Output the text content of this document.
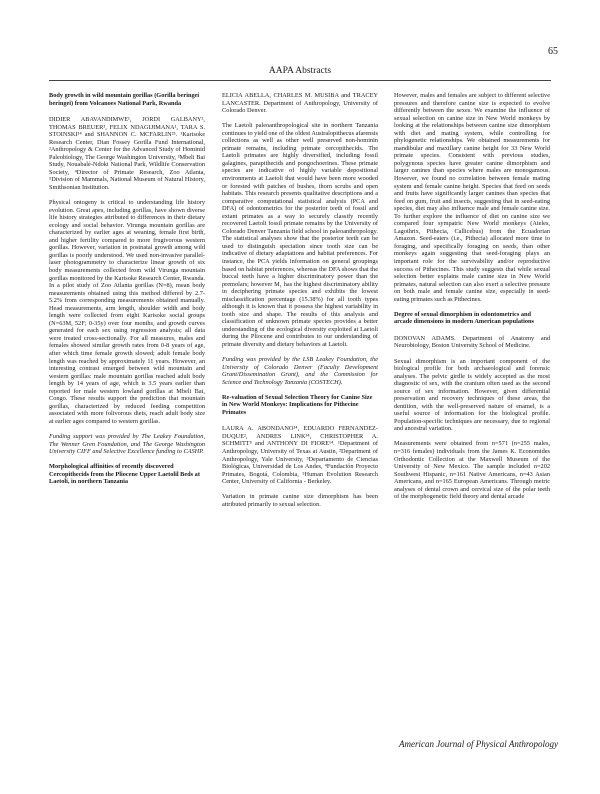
65
AAPA Abstracts

Body growth in wild mountain gorillas (Gorilla beringei beringei) from Volcanoes National Park, Rwanda

DIDIER ABAVANDIMWE¹, JORDI GALBANY², THOMAS BREUER³, FELIX NDAGIJIMANA¹, TARA S. STOINSKI¹⁴ and SHANNON C. MCFARLIN²⁵. ¹Karisoke Research Center, Dian Fossey Gorilla Fund International, ²Anthropology & Center for the Advanced Study of Hominid Paleobiology, The George Washington University, ³Mbeli Bai Study, Nouabalé-Ndoki National Park, Wildlife Conservation Society, ⁴Director of Primate Research, Zoo Atlanta, ⁵Division of Mammals, National Museum of Natural History, Smithsonian Institution.

Physical ontogeny is critical to understanding life history evolution. Great apes, including gorillas, have shown diverse life history strategies attributed to differences in their dietary ecology and social behavior. Virunga mountain gorillas are characterized by earlier ages at weaning, female first birth, and higher fertility compared to more frugivorous western gorillas. However, variation in postnatal growth among wild gorillas is poorly understood. We used non-invasive parallel-laser photogrammetry to characterize linear growth of six body measurements collected from wild Virunga mountain gorillas monitored by the Karisoke Research Center, Rwanda. In a pilot study of Zoo Atlanta gorillas (N=8), mean body measurements obtained using this method differed by 2.7-5.2% from corresponding measurements obtained manually. Head measurements, arm length, shoulder width and body length were collected from eight Karisoke social groups (N=63M, 52F; 0-35y) over four months, and growth curves generated for each sex using regression analysis; all data were treated cross-sectionally. For all measures, males and females showed similar growth rates from 0-8 years of age, after which time female growth slowed; adult female body length was reached by approximately 11 years. However, an interesting contrast emerged between wild mountain and western gorillas: male mountain gorillas reached adult body length by 14 years of age, which is 3.5 years earlier than reported for male western lowland gorillas at Mbeli Bai, Congo. These results support the prediction that mountain gorillas, characterized by reduced feeding competition associated with more folivorous diets, reach adult body size at earlier ages compared to western gorillas.

Funding support was provided by The Leakey Foundation, The Wenner Gren Foundation, and The George Washington University CIFF and Selective Excellence funding to CASHP.

Morphological affinities of recently discovered Cercopithecids from the Pliocene Upper Laetolil Beds at Laetoli, in northern Tanzania

ELICIA ABELLA, CHARLES M. MUSIBA and TRACEY LANCASTER. Department of Anthropology, University of Colorado Denver.

The Laetoli paleoanthropological site in northern Tanzania continues to yield one of the oldest Australopithecus afarensis collections as well as other well preserved non-hominin primate remains, including primate cercopithecids. The Laetoli primates are highly diversified, including fossil galagines, parapithecids and pongochoerines. These primate species are indicative of highly variable depositional environments at Laetoli that would have been more wooded or forested with patches of bushes, thorn scrubs and open habitats. This research presents qualitative descriptions and a comparative computational statistical analysis (PCA and DFA) of odontometrics for the posterior teeth of fossil and extant primates as a way to securely classify recently recovered Laetoli fossil primate remains by the University of Colorado Denver Tanzania field school in paleoanthropology. The statistical analyses show that the posterior teeth can be used to distinguish speciation since tooth size can be indicative of dietary adaptations and habitat preferences. For instance, the PCA yields information on general groupings based on habitat preferences, whereas the DFA shows that the buccal teeth have a higher discriminatory power than the premolars; however M₁ has the highest discriminatory ability in deciphering primate species and exhibits the lowest misclassification percentage (15.38%) for all tooth types although it is known that it possess the highest variability in tooth size and shape. The results of this analysis and classification of unknown primate species provides a better understanding of the ecological diversity exploited at Laetoli during the Pliocene and contributes to our understanding of primate diversity and dietary behaviors at Laetoli.

Funding was provided by the LSB Leakey Foundation, the University of Colorado Denver (Faculty Development Grant/Dissemination Grant), and the Commission for Science and Technology Tanzania (COSTECH).

Re-valuation of Sexual Selection Theory for Canine Size in New World Monkeys: Implications for Pithecine Primates

LAURA A. ABONDANO¹⁴, EDUARDO FERNANDEZ-DUQUE², ANDRES LINK³⁴, CHRISTOPHER A. SCHMITT⁵ and ANTHONY DI FIORE¹⁴. ¹Department of Anthropology, University of Texas at Austin, ²Department of Anthropology, Yale University, ³Departamento de Ciencias Biológicas, Universidad de Los Andes, ⁴Fundación Proyecto Primates, Bogotá, Colombia, ⁵Human Evolution Research Center, University of California - Berkeley.

Variation in primate canine size dimorphism has been attributed primarily to sexual selection.

However, males and females are subject to different selective pressures and therefore canine size is expected to evolve differently between the sexes. We examine the influence of sexual selection on canine size in New World monkeys by looking at the relationships between canine size dimorphism with diet and mating system, while controlling for phylogenetic relationships. We obtained measurements for mandibular and maxillary canine height for 33 New World primate species. Consistent with previous studies, polygynous species have greater canine dimorphism and larger canines than species where males are monogamous. However, we found no correlation between female mating system and female canine height. Species that feed on seeds and fruits have significantly larger canines than species that feed on gum, fruit and insects, suggesting that in seed-eating species, diet may also influence male and female canine size. To further explore the influence of diet on canine size we compared four sympatric New World monkeys (Ateles, Lagothrix, Pithecia, Callicebus) from the Ecuadorian Amazon. Seed-eaters (i.e., Pithecia) allocated more time to foraging, and specifically foraging on seeds, than other monkeys again suggesting that seed-foraging plays an important role for the survivability and/or reproductive success of Pithecines. This study suggests that while sexual selection better explains male canine size in New World primates, natural selection can also exert a selective pressure on both male and female canine size, especially in seed-eating primates such as Pithecines.

Degree of sexual dimorphism in odontometrics and arcade dimensions in modern American populations

DONOVAN ADAMS. Department of Anatomy and Neurobiology, Boston University School of Medicine.

Sexual dimorphism is an important component of the biological profile for both archaeological and forensic analyses. The pelvic girdle is widely accepted as the most diagnostic of sex, with the cranium often used as the second source of sex information. However, given differential preservation and recovery techniques of these areas, the dentition, with the well-preserved nature of enamel, is a useful source of information for the biological profile. Population-specific techniques are necessary, due to regional and ancestral variation.

Measurements were obtained from n=571 (n=255 males, n=316 females) individuals from the James K. Economides Orthodontic Collection at the Maxwell Museum of the University of New Mexico. The sample included n=202 Southwest Hispanic, n=161 Native Americans, n=43 Asian Americans, and n=165 European Americans. Through metric analyses of dental crown and cervical size of the polar teeth of the morphogenetic field theory and dental arcade

American Journal of Physical Anthropology
